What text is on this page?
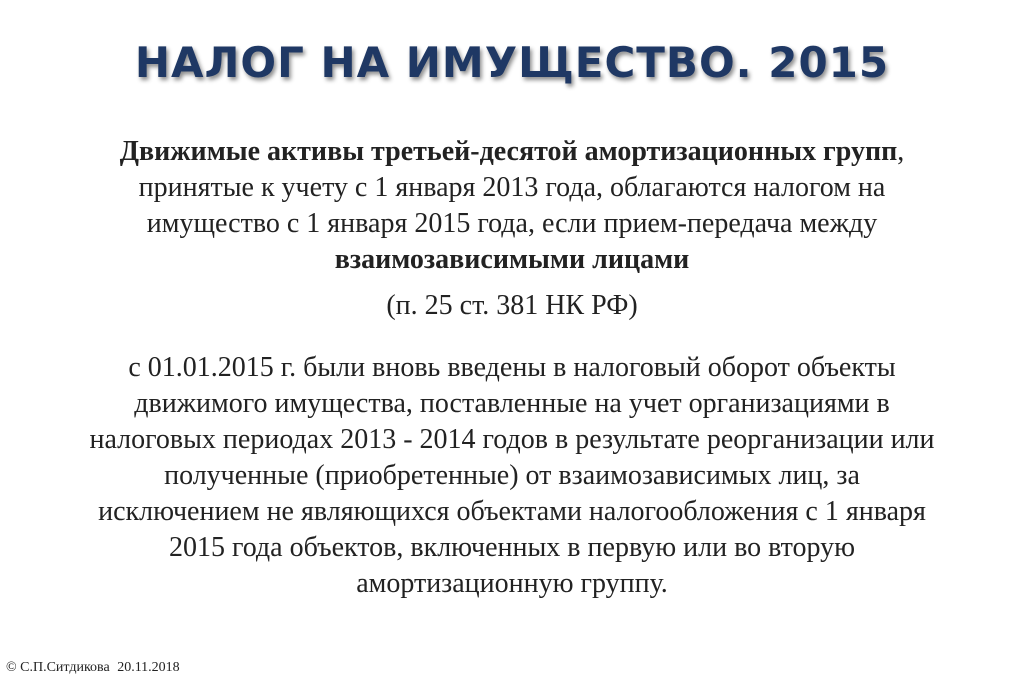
НАЛОГ НА ИМУЩЕСТВО. 2015
Движимые активы третьей-десятой амортизационных групп,
принятые к учету с 1 января 2013 года, облагаются налогом на
имущество с 1 января 2015 года, если прием-передача между
взаимозависимыми лицами
(п. 25 ст. 381 НК РФ)
с 01.01.2015 г. были вновь введены в налоговый оборот объекты
движимого имущества, поставленные на учет организациями в
налоговых периодах 2013 - 2014 годов в результате реорганизации или
полученные (приобретенные) от взаимозависимых лиц, за
исключением не являющихся объектами налогообложения с 1 января
2015 года объектов, включенных в первую или во вторую
амортизационную группу.
© С.П.Ситдикова 20.11.2018
